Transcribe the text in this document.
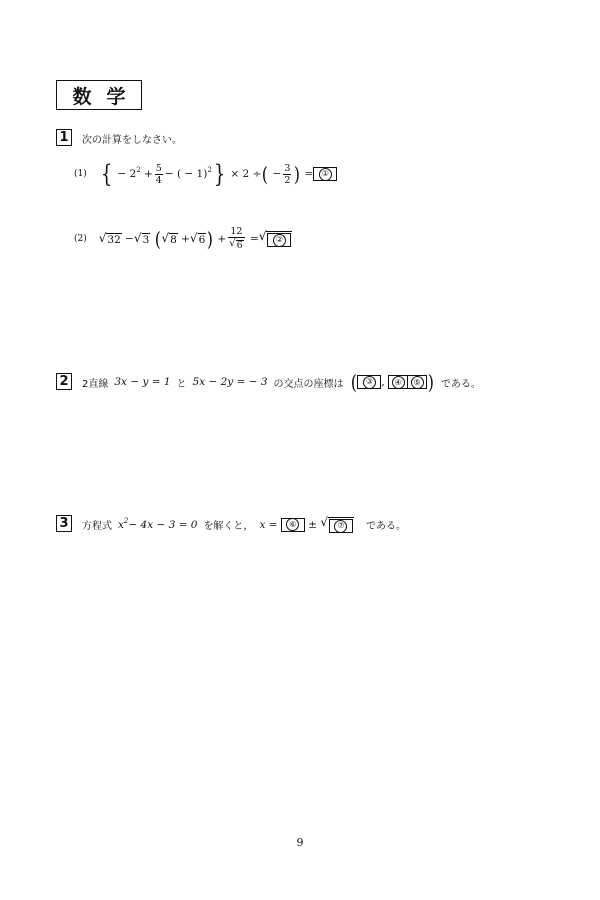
数 学
1	次の計算をしなさい。
(1) { − $2^2 + \frac{5}{4}$ − ( − 1)$^2$ } × 2 ÷ ( − $\frac{3}{2}$ ) =	①
(2) √ 32 − √ 3
( √ 8 + √ 6 ) + $\frac{12}{√ 6}$ = √	②
2	2直線 3x − y = 1 と 5x − 2y = − 3 の交点の座標は (	③ , ④	⑤ ) である。
3	方程式 $x^2 - 4x - 3 = 0$ を解くと， x =	⑥ ± √	⑦ である。
9
